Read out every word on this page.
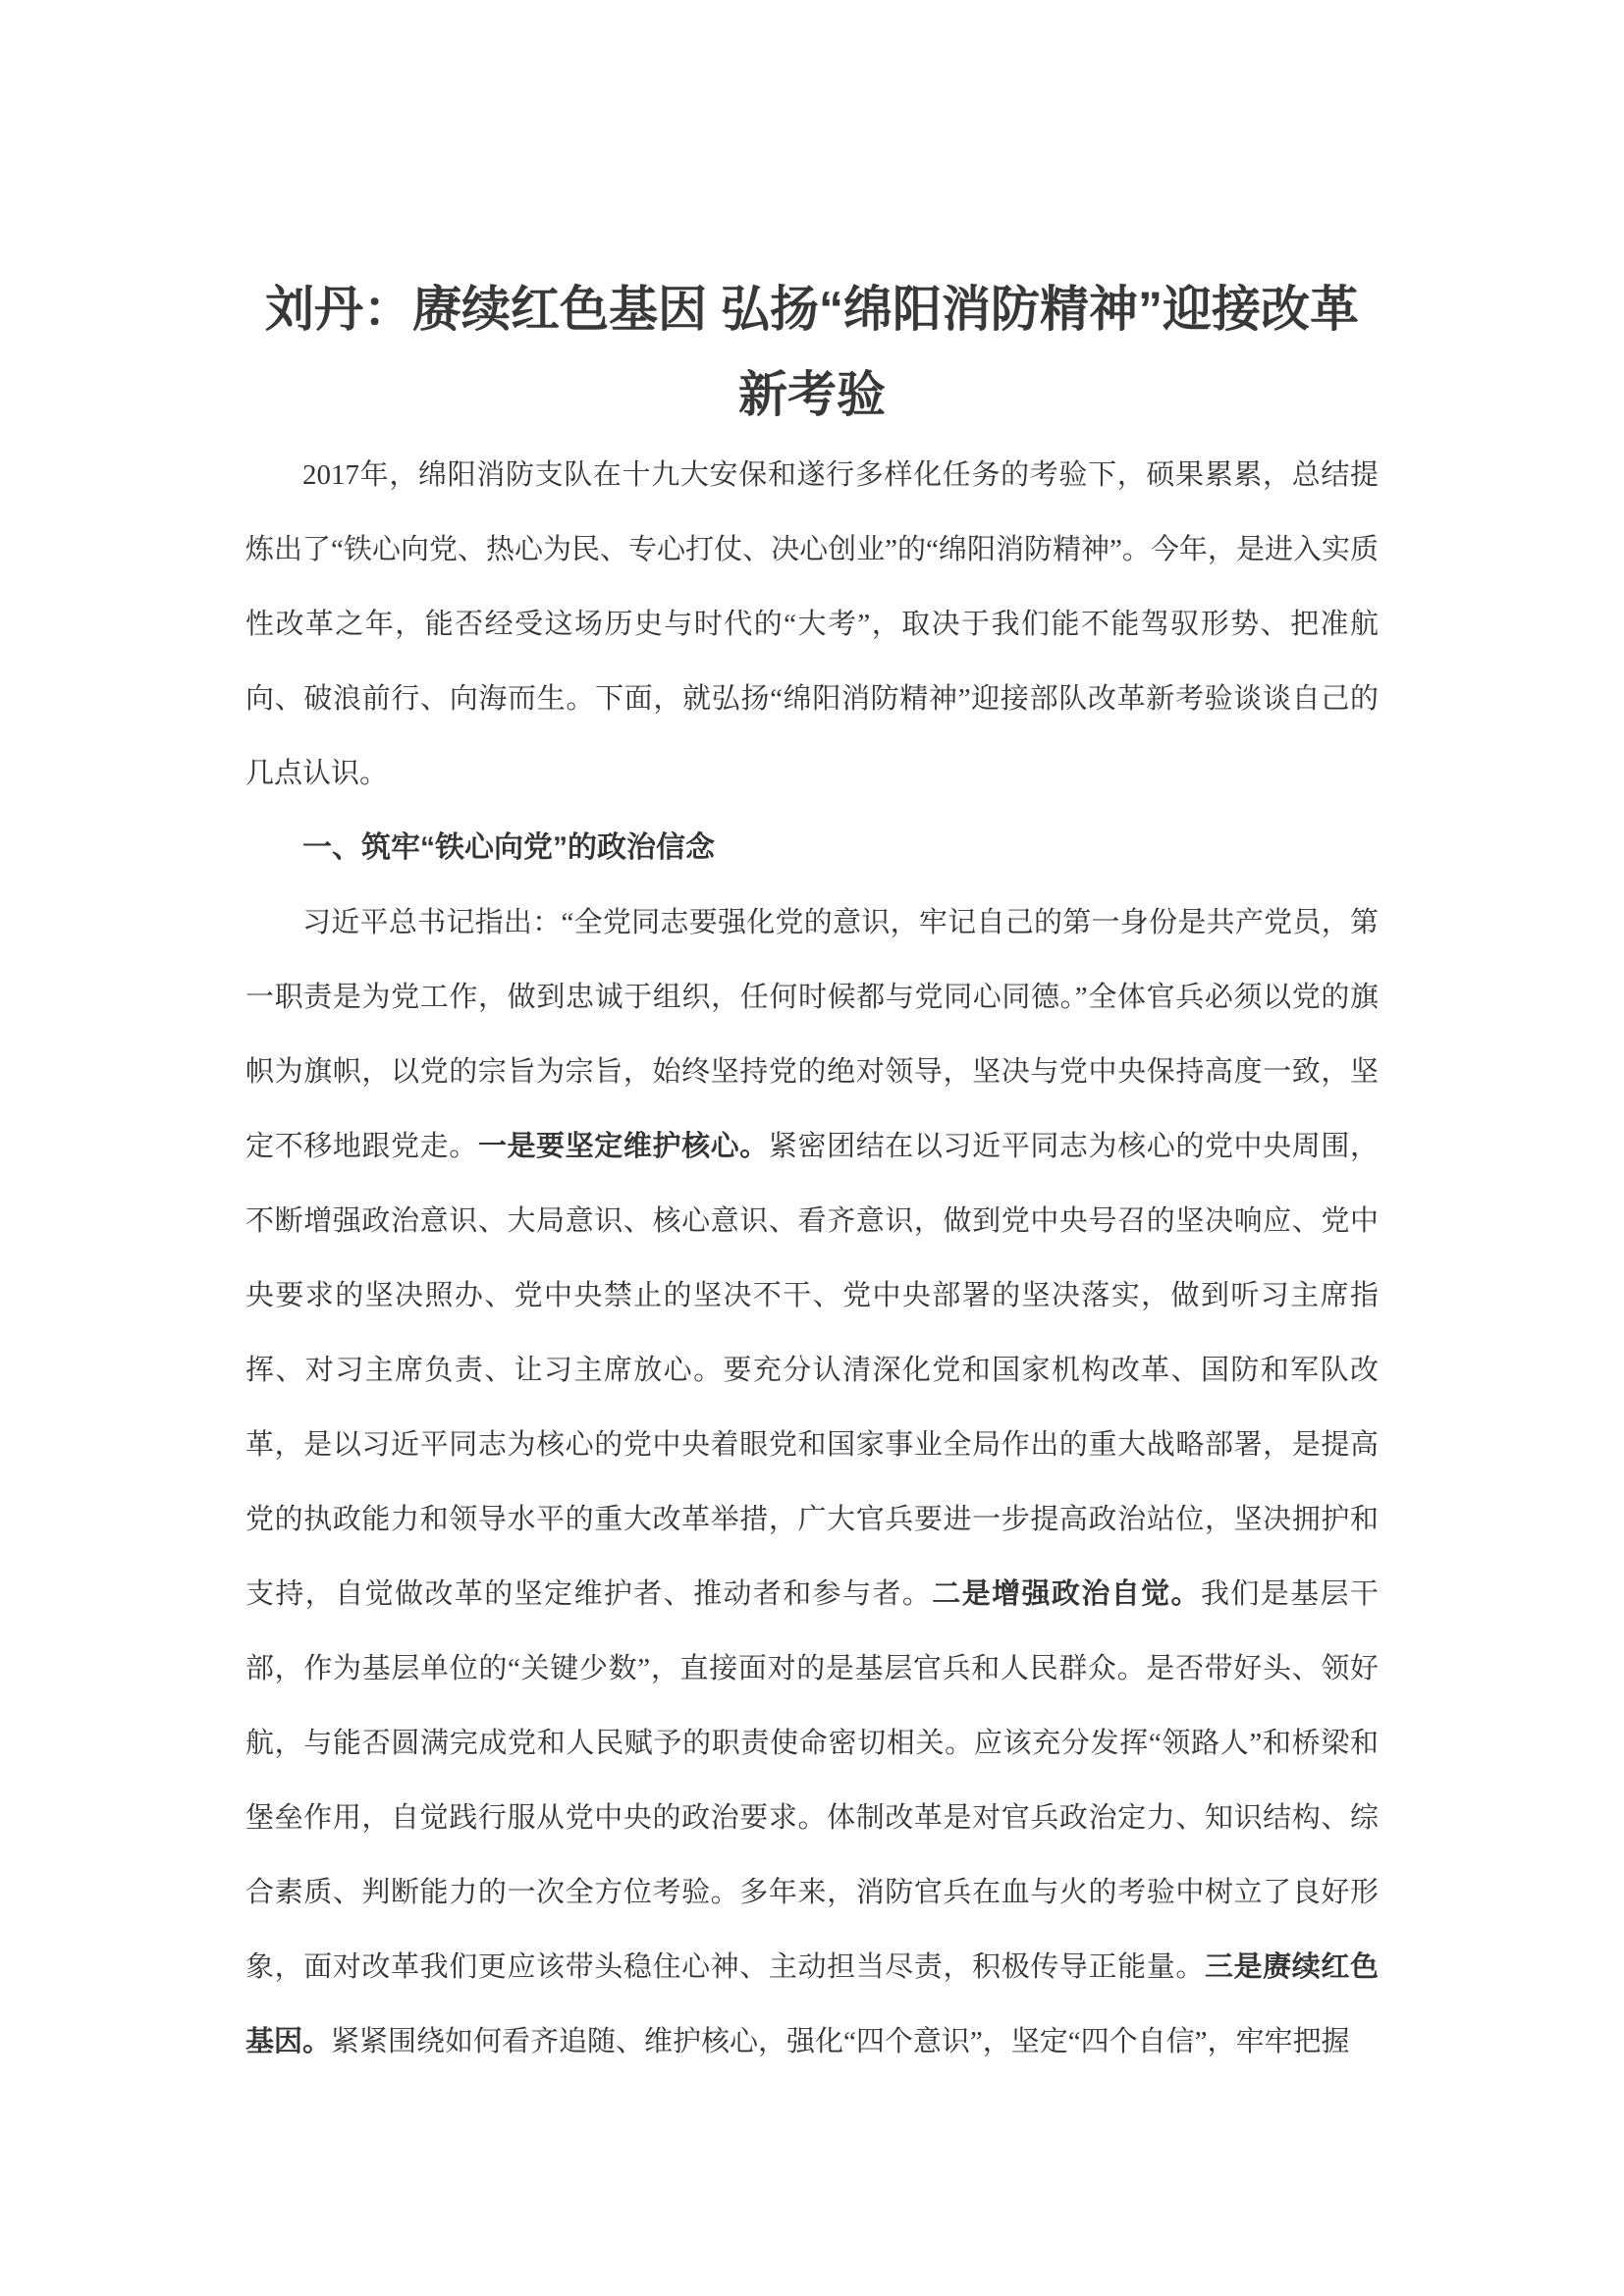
刘丹：赓续红色基因 弘扬“绵阳消防精神”迎接改革新考验

2017年，绵阳消防支队在十九大安保和遂行多样化任务的考验下，硕果累累，总结提炼出了“铁心向党、热心为民、专心打仗、决心创业”的“绵阳消防精神”。今年，是进入实质性改革之年，能否经受这场历史与时代的“大考”，取决于我们能不能驾驭形势、把准航向、破浪前行、向海而生。下面，就弘扬“绵阳消防精神”迎接部队改革新考验谈谈自己的几点认识。

一、筑牢“铁心向党”的政治信念

习近平总书记指出：“全党同志要强化党的意识，牢记自己的第一身份是共产党员，第一职责是为党工作，做到忠诚于组织，任何时候都与党同心同德。”全体官兵必须以党的旗帜为旗帜，以党的宗旨为宗旨，始终坚持党的绝对领导，坚决与党中央保持高度一致，坚定不移地跟党走。一是要坚定维护核心。紧密团结在以习近平同志为核心的党中央周围，不断增强政治意识、大局意识、核心意识、看齐意识，做到党中央号召的坚决响应、党中央要求的坚决照办、党中央禁止的坚决不干、党中央部署的坚决落实，做到听习主席指挥、对习主席负责、让习主席放心。要充分认清深化党和国家机构改革、国防和军队改革，是以习近平同志为核心的党中央着眼党和国家事业全局作出的重大战略部署，是提高党的执政能力和领导水平的重大改革举措，广大官兵要进一步提高政治站位，坚决拥护和支持，自觉做改革的坚定维护者、推动者和参与者。二是增强政治自觉。我们是基层干部，作为基层单位的“关键少数”，直接面对的是基层官兵和人民群众。是否带好头、领好航，与能否圆满完成党和人民赋予的职责使命密切相关。应该充分发挥“领路人”和桥梁和堡垒作用，自觉践行服从党中央的政治要求。体制改革是对官兵政治定力、知识结构、综合素质、判断能力的一次全方位考验。多年来，消防官兵在血与火的考验中树立了良好形象，面对改革我们更应该带头稳住心神、主动担当尽责，积极传导正能量。三是赓续红色基因。紧紧围绕如何看齐追随、维护核心，强化“四个意识”，坚定“四个自信”，牢牢把握
